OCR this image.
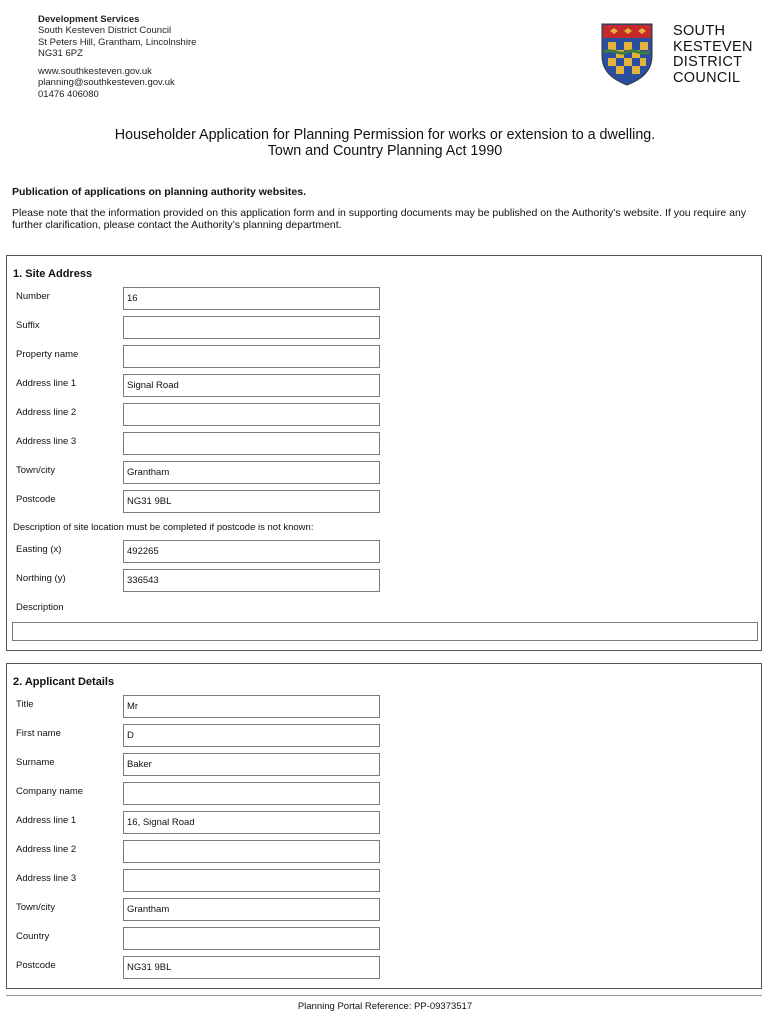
Development Services
South Kesteven District Council
St Peters Hill, Grantham, Lincolnshire
NG31 6PZ
www.southkesteven.gov.uk
planning@southkesteven.gov.uk
01476 406080
SOUTH
KESTEVEN
DISTRICT
COUNCIL
Householder Application for Planning Permission for works or extension to a dwelling.
Town and Country Planning Act 1990
Publication of applications on planning authority websites.
Please note that the information provided on this application form and in supporting documents may be published on the Authority’s website. If you require any further clarification, please contact the Authority’s planning department.
1. Site Address
Number	16
Suffix
Property name
Address line 1	Signal Road
Address line 2
Address line 3
Town/city	Grantham
Postcode	NG31 9BL
Description of site location must be completed if postcode is not known:
Easting (x)	492265
Northing (y)	336543
Description
2. Applicant Details
Title	Mr
First name	D
Surname	Baker
Company name
Address line 1	16, Signal Road
Address line 2
Address line 3
Town/city	Grantham
Country
Postcode	NG31 9BL
Planning Portal Reference: PP-09373517
